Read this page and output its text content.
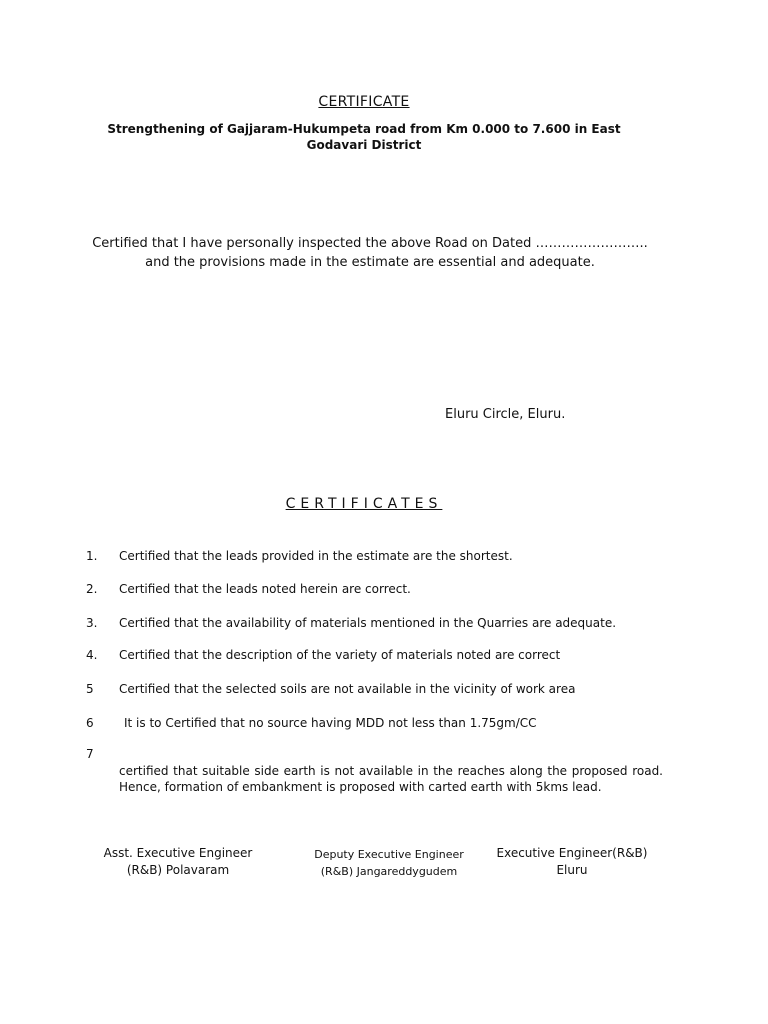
CERTIFICATE
Strengthening of Gajjaram-Hukumpeta road from Km 0.000 to 7.600 in East
Godavari District
Certified that I have personally inspected the above Road on Dated ……………………..
and the provisions made in the estimate are essential and adequate.
Eluru Circle, Eluru.
CERTIFICATES
1. Certified that the leads provided in the estimate are the shortest.
2. Certified that the leads noted herein are correct.
3. Certified that the availability of materials mentioned in the Quarries are adequate.
4. Certified that the description of the variety of materials noted are correct
5 Certified that the selected soils are not available in the vicinity of work area
6	It is to Certified that no source having MDD not less than 1.75gm/CC
7
certified that suitable side earth is not available in the reaches along the proposed road. Hence, formation of embankment is proposed with carted earth with 5kms lead.
Asst. Executive Engineer
(R&B) Polavaram
Deputy Executive Engineer
(R&B) Jangareddygudem
Executive Engineer(R&B)
Eluru
